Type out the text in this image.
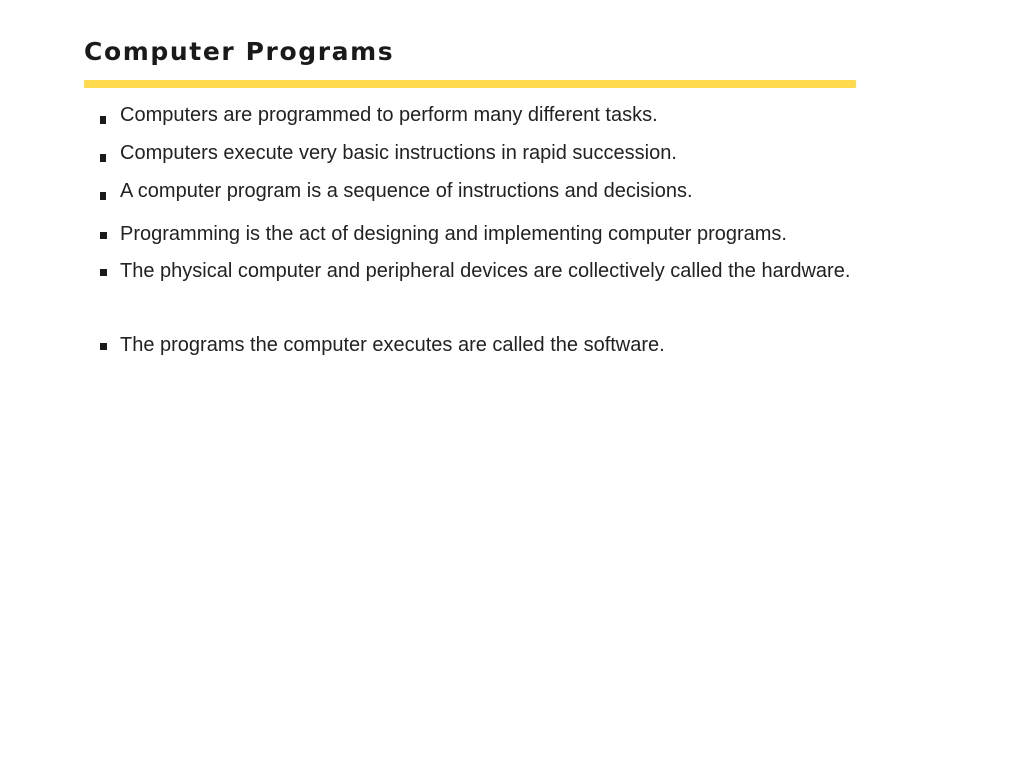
Computer Programs
Computers are programmed to perform many different tasks.
Computers execute very basic instructions in rapid succession.
A computer program is a sequence of instructions and decisions.
Programming is the act of designing and implementing computer programs.
The physical computer and peripheral devices are collectively called the hardware.
The programs the computer executes are called the software.
